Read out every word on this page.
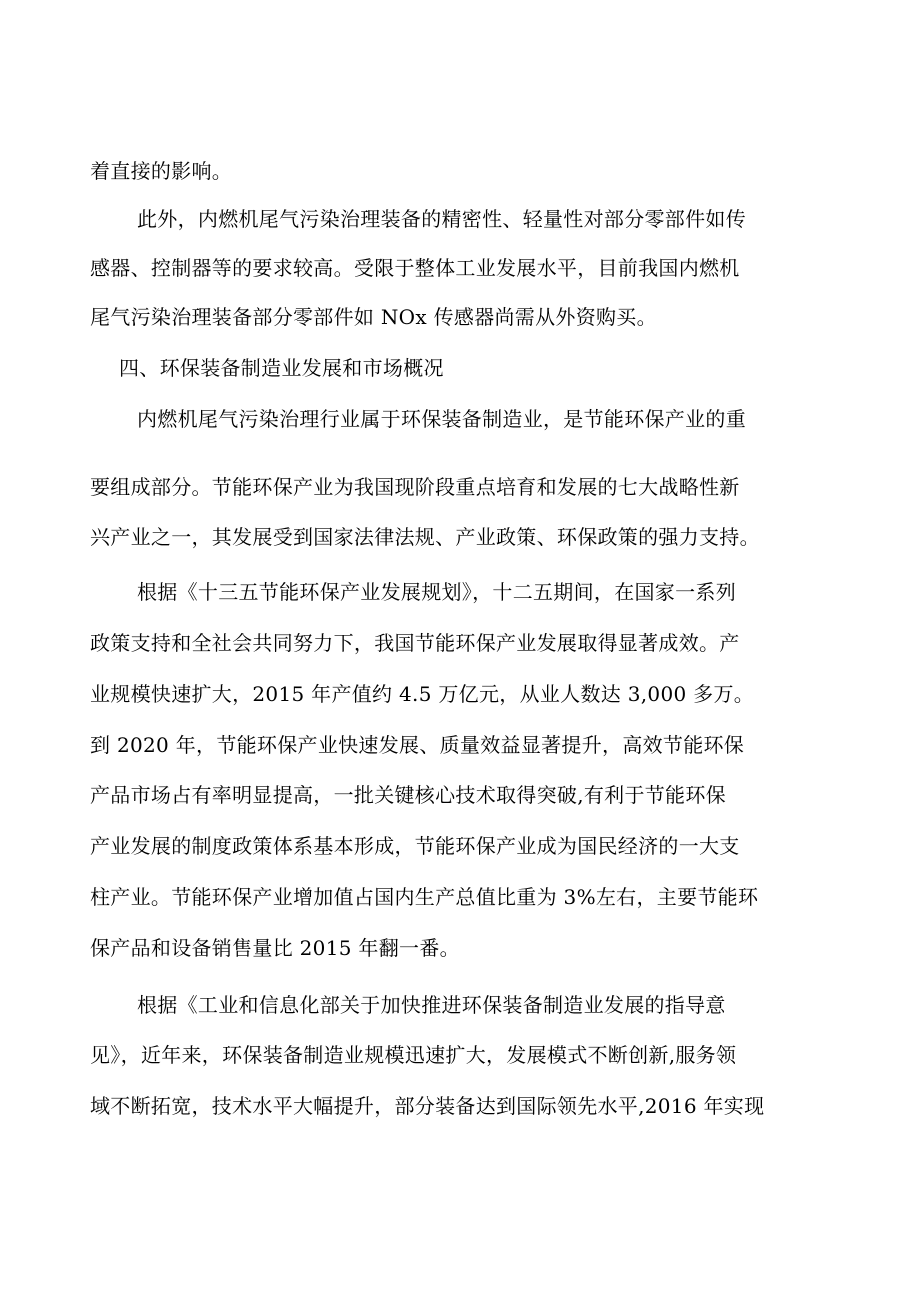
着直接的影响。
此外，内燃机尾气污染治理装备的精密性、轻量性对部分零部件如传
感器、控制器等的要求较高。受限于整体工业发展水平，目前我国内燃机
尾气污染治理装备部分零部件如 NOx 传感器尚需从外资购买。
四、环保装备制造业发展和市场概况
内燃机尾气污染治理行业属于环保装备制造业，是节能环保产业的重
要组成部分。节能环保产业为我国现阶段重点培育和发展的七大战略性新
兴产业之一，其发展受到国家法律法规、产业政策、环保政策的强力支持。
根据《十三五节能环保产业发展规划》，十二五期间，在国家一系列
政策支持和全社会共同努力下，我国节能环保产业发展取得显著成效。产
业规模快速扩大，2015 年产值约 4.5 万亿元，从业人数达 3,000 多万。
到 2020 年，节能环保产业快速发展、质量效益显著提升，高效节能环保
产品市场占有率明显提高，一批关键核心技术取得突破,有利于节能环保
产业发展的制度政策体系基本形成，节能环保产业成为国民经济的一大支
柱产业。节能环保产业增加值占国内生产总值比重为 3%左右，主要节能环
保产品和设备销售量比 2015 年翻一番。
根据《工业和信息化部关于加快推进环保装备制造业发展的指导意
见》，近年来，环保装备制造业规模迅速扩大，发展模式不断创新,服务领
域不断拓宽，技术水平大幅提升，部分装备达到国际领先水平,2016 年实现
